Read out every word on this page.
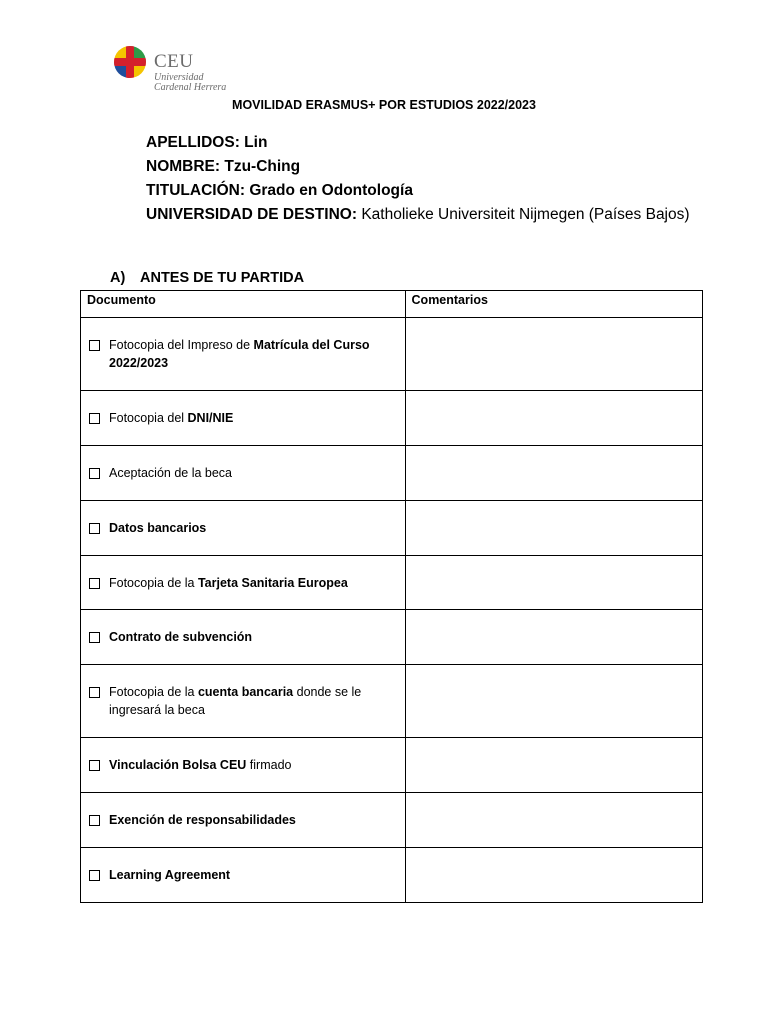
CEU
Universidad
Cardenal Herrera
MOVILIDAD ERASMUS+ POR ESTUDIOS 2022/2023
APELLIDOS: Lin
NOMBRE: Tzu-Ching
TITULACIÓN: Grado en Odontología
UNIVERSIDAD DE DESTINO: Katholieke Universiteit Nijmegen (Países Bajos)
A) ANTES DE TU PARTIDA
Documento	Comentarios

Fotocopia del Impreso de Matrícula del Curso 2022/2023	

Fotocopia del DNI/NIE	

Aceptación de la beca	

Datos bancarios	

Fotocopia de la Tarjeta Sanitaria Europea	

Contrato de subvención	

Fotocopia de la cuenta bancaria donde se le ingresará la beca	

Vinculación Bolsa CEU firmado	

Exención de responsabilidades	

Learning Agreement	
